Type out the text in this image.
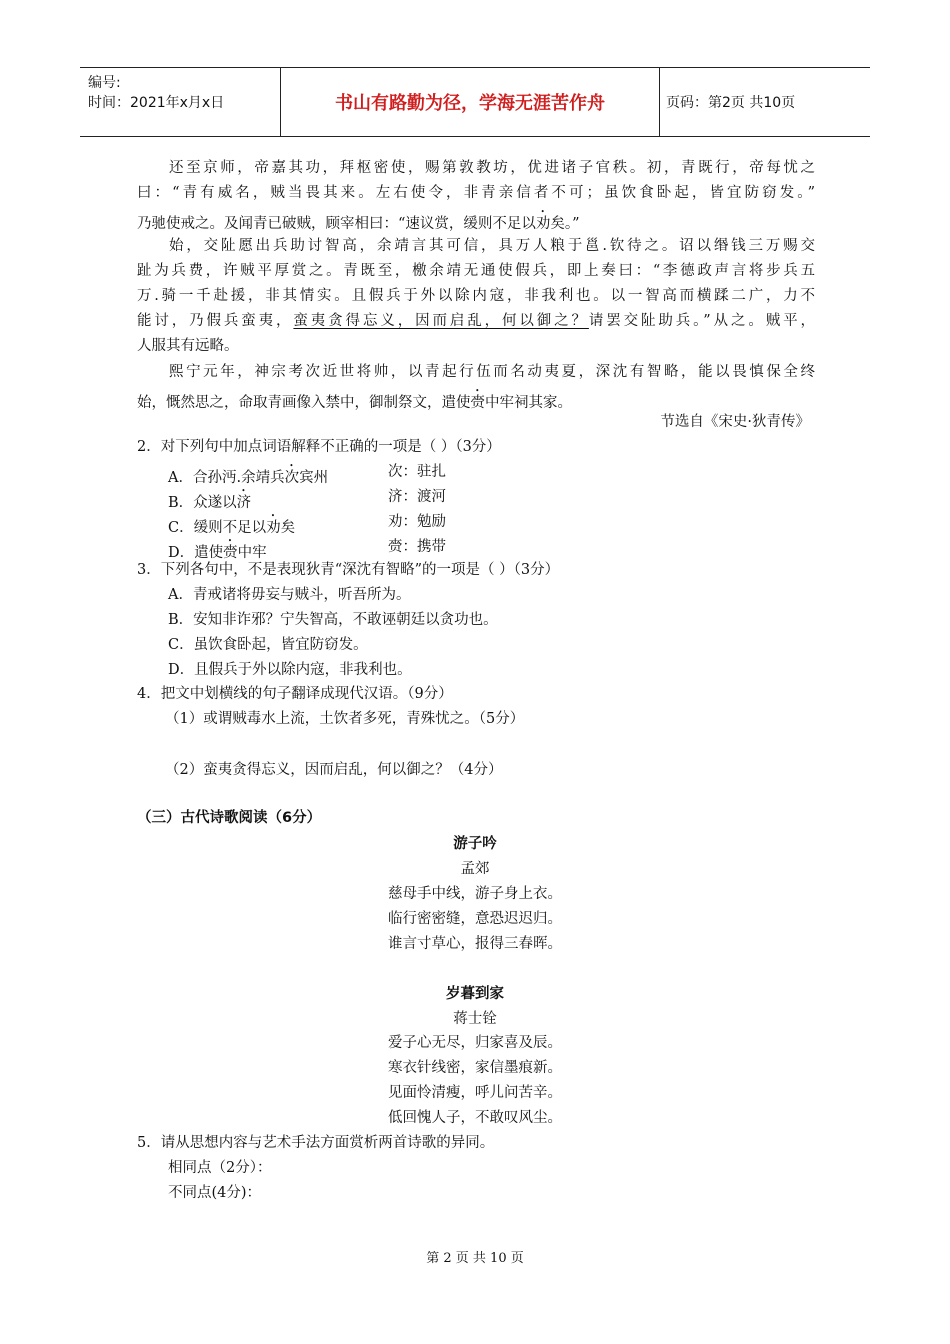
编号:
时间：2021年x月x日	书山有路勤为径，学海无涯苦作舟	页码：第2页 共10页
还至京师，帝嘉其功，拜枢密使，赐第敦教坊，优进诸子官秩。初，青既行，帝每忧之
曰：“青有威名，贼当畏其来。左右使令，非青亲信者不可；虽饮食卧起，皆宜防窃发。”
乃驰使戒之。及闻青已破贼，顾宰相曰：“速议赏，缓则不足以劝矣。”
始，交阯愿出兵助讨智高，余靖言其可信，具万人粮于邕.钦待之。诏以缗钱三万赐交
趾为兵费，许贼平厚赏之。青既至，檄余靖无通使假兵，即上奏曰：“李德政声言将步兵五
万.骑一千赴援，非其情实。且假兵于外以除内寇，非我利也。以一智高而横蹂二广，力不
能讨，乃假兵蛮夷，蛮夷贪得忘义，因而启乱，何以御之？请罢交阯助兵。”从之。贼平，
人服其有远略。
熙宁元年，神宗考次近世将帅，以青起行伍而名动夷夏，深沈有智略，能以畏慎保全终
始，慨然思之，命取青画像入禁中，御制祭文，遣使赍中牢祠其家。
节选自《宋史·狄青传》
2．对下列句中加点词语解释不正确的一项是（ ）（3分）
A．合孙沔.余靖兵次宾州	次：驻扎
B．众遂以济	济：渡河
C．缓则不足以劝矣	劝：勉励
D．遣使赍中牢	赍：携带
3．下列各句中，不是表现狄青“深沈有智略”的一项是（ ）（3分）
A．青戒诸将毋妄与贼斗，听吾所为。
B．安知非诈邪？宁失智高，不敢诬朝廷以贪功也。
C．虽饮食卧起，皆宜防窃发。
D．且假兵于外以除内寇，非我利也。
4．把文中划横线的句子翻译成现代汉语。（9分）
（1）或谓贼毒水上流，土饮者多死，青殊忧之。（5分）
（2）蛮夷贪得忘义，因而启乱，何以御之？（4分）
（三）古代诗歌阅读（6分）
游子吟
孟郊
慈母手中线，游子身上衣。
临行密密缝，意恐迟迟归。
谁言寸草心，报得三春晖。
岁暮到家
蒋士铨
爱子心无尽，归家喜及辰。
寒衣针线密，家信墨痕新。
见面怜清瘦，呼儿问苦辛。
低回愧人子，不敢叹风尘。
5．请从思想内容与艺术手法方面赏析两首诗歌的异同。
相同点（2分）：
不同点(4分)：
第 2 页 共 10 页
